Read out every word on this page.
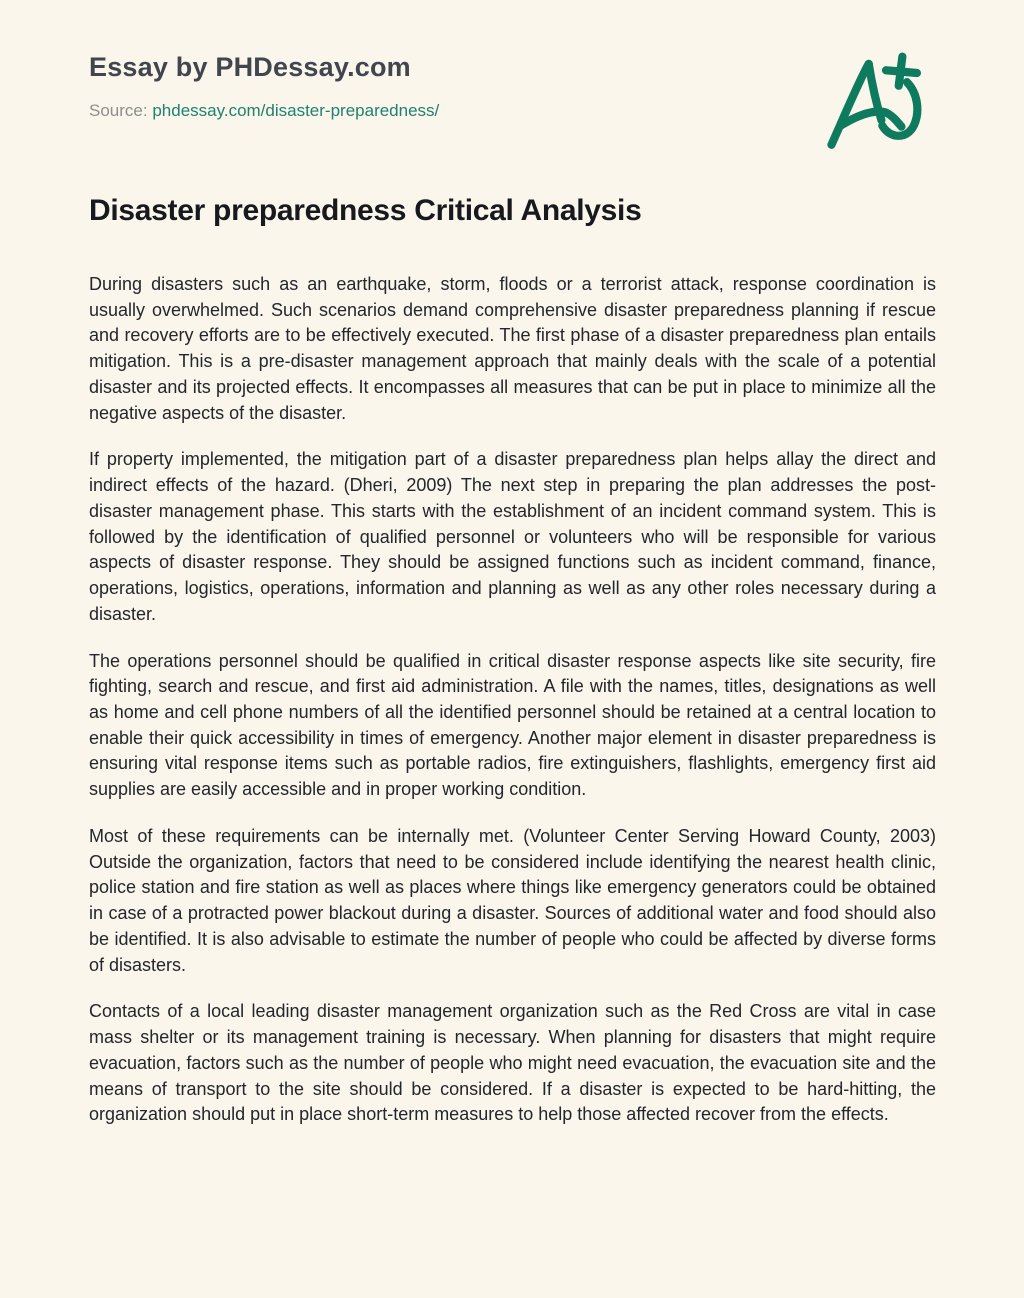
Essay by PHDessay.com
Source: phdessay.com/disaster-preparedness/
Disaster preparedness Critical Analysis

During disasters such as an earthquake, storm, floods or a terrorist attack, response coordination is usually overwhelmed. Such scenarios demand comprehensive disaster preparedness planning if rescue and recovery efforts are to be effectively executed. The first phase of a disaster preparedness plan entails mitigation. This is a pre-disaster management approach that mainly deals with the scale of a potential disaster and its projected effects. It encompasses all measures that can be put in place to minimize all the negative aspects of the disaster.

If property implemented, the mitigation part of a disaster preparedness plan helps allay the direct and indirect effects of the hazard. (Dheri, 2009) The next step in preparing the plan addresses the post-disaster management phase. This starts with the establishment of an incident command system. This is followed by the identification of qualified personnel or volunteers who will be responsible for various aspects of disaster response. They should be assigned functions such as incident command, finance, operations, logistics, operations, information and planning as well as any other roles necessary during a disaster.

The operations personnel should be qualified in critical disaster response aspects like site security, fire fighting, search and rescue, and first aid administration. A file with the names, titles, designations as well as home and cell phone numbers of all the identified personnel should be retained at a central location to enable their quick accessibility in times of emergency. Another major element in disaster preparedness is ensuring vital response items such as portable radios, fire extinguishers, flashlights, emergency first aid supplies are easily accessible and in proper working condition.

Most of these requirements can be internally met. (Volunteer Center Serving Howard County, 2003) Outside the organization, factors that need to be considered include identifying the nearest health clinic, police station and fire station as well as places where things like emergency generators could be obtained in case of a protracted power blackout during a disaster. Sources of additional water and food should also be identified. It is also advisable to estimate the number of people who could be affected by diverse forms of disasters.

Contacts of a local leading disaster management organization such as the Red Cross are vital in case mass shelter or its management training is necessary. When planning for disasters that might require evacuation, factors such as the number of people who might need evacuation, the evacuation site and the means of transport to the site should be considered. If a disaster is expected to be hard-hitting, the organization should put in place short-term measures to help those affected recover from the effects.
